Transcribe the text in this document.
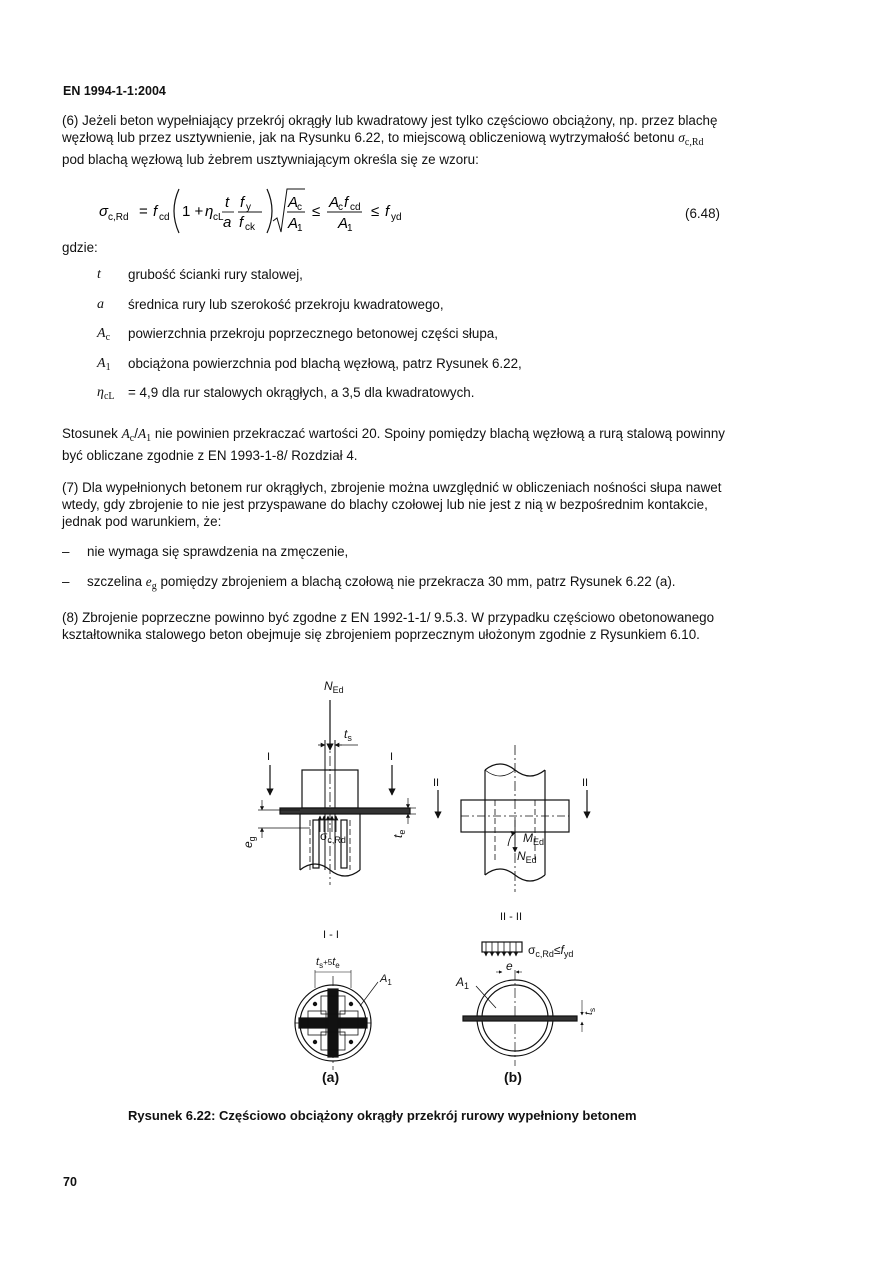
EN 1994-1-1:2004
(6) Jeżeli beton wypełniający przekrój okrągły lub kwadratowy jest tylko częściowo obciążony, np. przez blachę
węzłową lub przez usztywnienie, jak na Rysunku 6.22, to miejscową obliczeniową wytrzymałość betonu $\sigma_{c,Rd}$
pod blachą węzłową lub żebrem usztywniającym określa się ze wzoru:
σ c,Rd = f cd 1 + η cL
t
a
f y
f ck
A
c
A
1
≤
A
c f cd
A
1
≤ f yd	(6.48)
gdzie:
t	grubość ścianki rury stalowej,
a	średnica rury lub szerokość przekroju kwadratowego,
$A_c$	powierzchnia przekroju poprzecznego betonowej części słupa,
$A_1$	obciążona powierzchnia pod blachą węzłową, patrz Rysunek 6.22,
$\eta_{cL}$	= 4,9 dla rur stalowych okrągłych, a 3,5 dla kwadratowych.
Stosunek $A_c/A_1$ nie powinien przekraczać wartości 20. Spoiny pomiędzy blachą węzłową a rurą stalową powinny
być obliczane zgodnie z EN 1993-1-8/ Rozdział 4.
(7) Dla wypełnionych betonem rur okrągłych, zbrojenie można uwzględnić w obliczeniach nośności słupa nawet
wtedy, gdy zbrojenie to nie jest przyspawane do blachy czołowej lub nie jest z nią w bezpośrednim kontakcie,
jednak pod warunkiem, że:
– nie wymaga się sprawdzenia na zmęczenie,
– szczelina $e_g$ pomiędzy zbrojeniem a blachą czołową nie przekracza 30 mm, patrz Rysunek 6.22 (a).
(8) Zbrojenie poprzeczne powinno być zgodne z EN 1992-1-1/ 9.5.3. W przypadku częściowo obetonowanego
kształtownika stalowego beton obejmuje się zbrojeniem poprzecznym ułożonym zgodnie z Rysunkiem 6.10.
$N_{Ed}$
$t_s$
$\sigma_{c,Rd}$
$e_g$	$t_e$
I	I
II	II
$M_{Ed}$
$N_{Ed}$
II - II
I - I
$t_s^{+5}t_e$
$A_1$	$A_1$
e
$\sigma_{c,Rd}\le f_{yd}$
$t_s$
(a)	(b)
Rysunek 6.22: Częściowo obciążony okrągły przekrój rurowy wypełniony betonem
70
